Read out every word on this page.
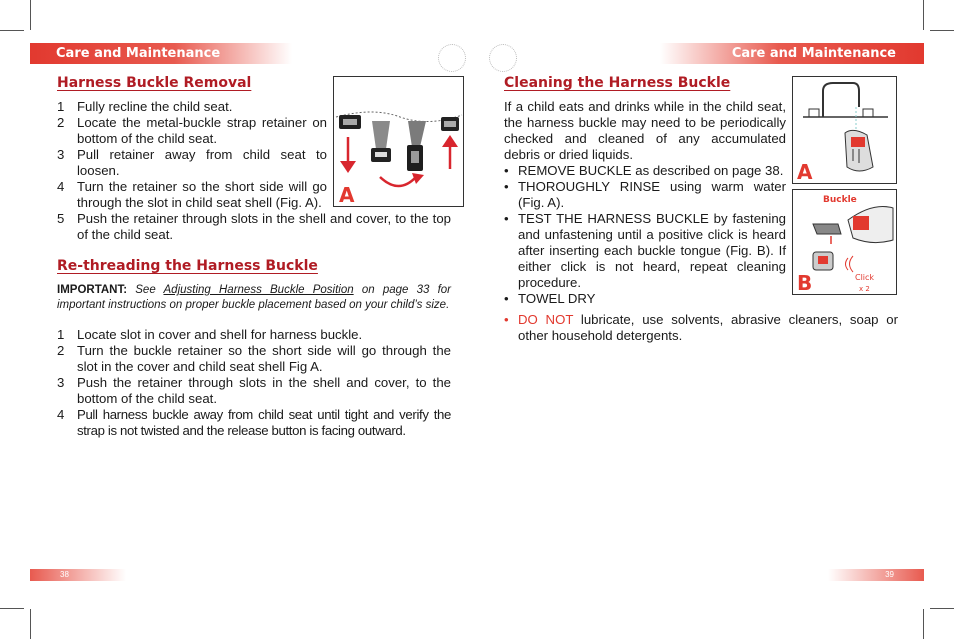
Care and Maintenance	Care and Maintenance
Harness Buckle Removal
1 Fully recline the child seat.
2 Locate the metal-buckle strap retainer on bottom of the child seat.
3 Pull retainer away from child seat to loosen.
4 Turn the retainer so the short side will go through the slot in child seat shell (Fig. A).
5 Push the retainer through slots in the shell and cover, to the top of the child seat.
A
Re-threading the Harness Buckle
IMPORTANT: See Adjusting Harness Buckle Position on page 33 for important instructions on proper buckle placement based on your child’s size.
1 Locate slot in cover and shell for harness buckle.
2 Turn the buckle retainer so the short side will go through the slot in the cover and child seat shell Fig A.
3 Push the retainer through slots in the shell and cover, to the bottom of the child seat.
4 Pull harness buckle away from child seat until tight and verify the strap is not twisted and the release button is facing outward.
38
Cleaning the Harness Buckle
If a child eats and drinks while in the child seat, the harness buckle may need to be periodically checked and cleaned of any accumulated debris or dried liquids.
• REMOVE BUCKLE as described on page 38.
• THOROUGHLY RINSE using warm water (Fig. A).
• TEST THE HARNESS BUCKLE by fastening and unfastening until a positive click is heard after inserting each buckle tongue (Fig. B). If either click is not heard, repeat cleaning procedure.
• TOWEL DRY
• DO NOT lubricate, use solvents, abrasive cleaners, soap or other household detergents.
A
Buckle
Click
x 2
B
39
